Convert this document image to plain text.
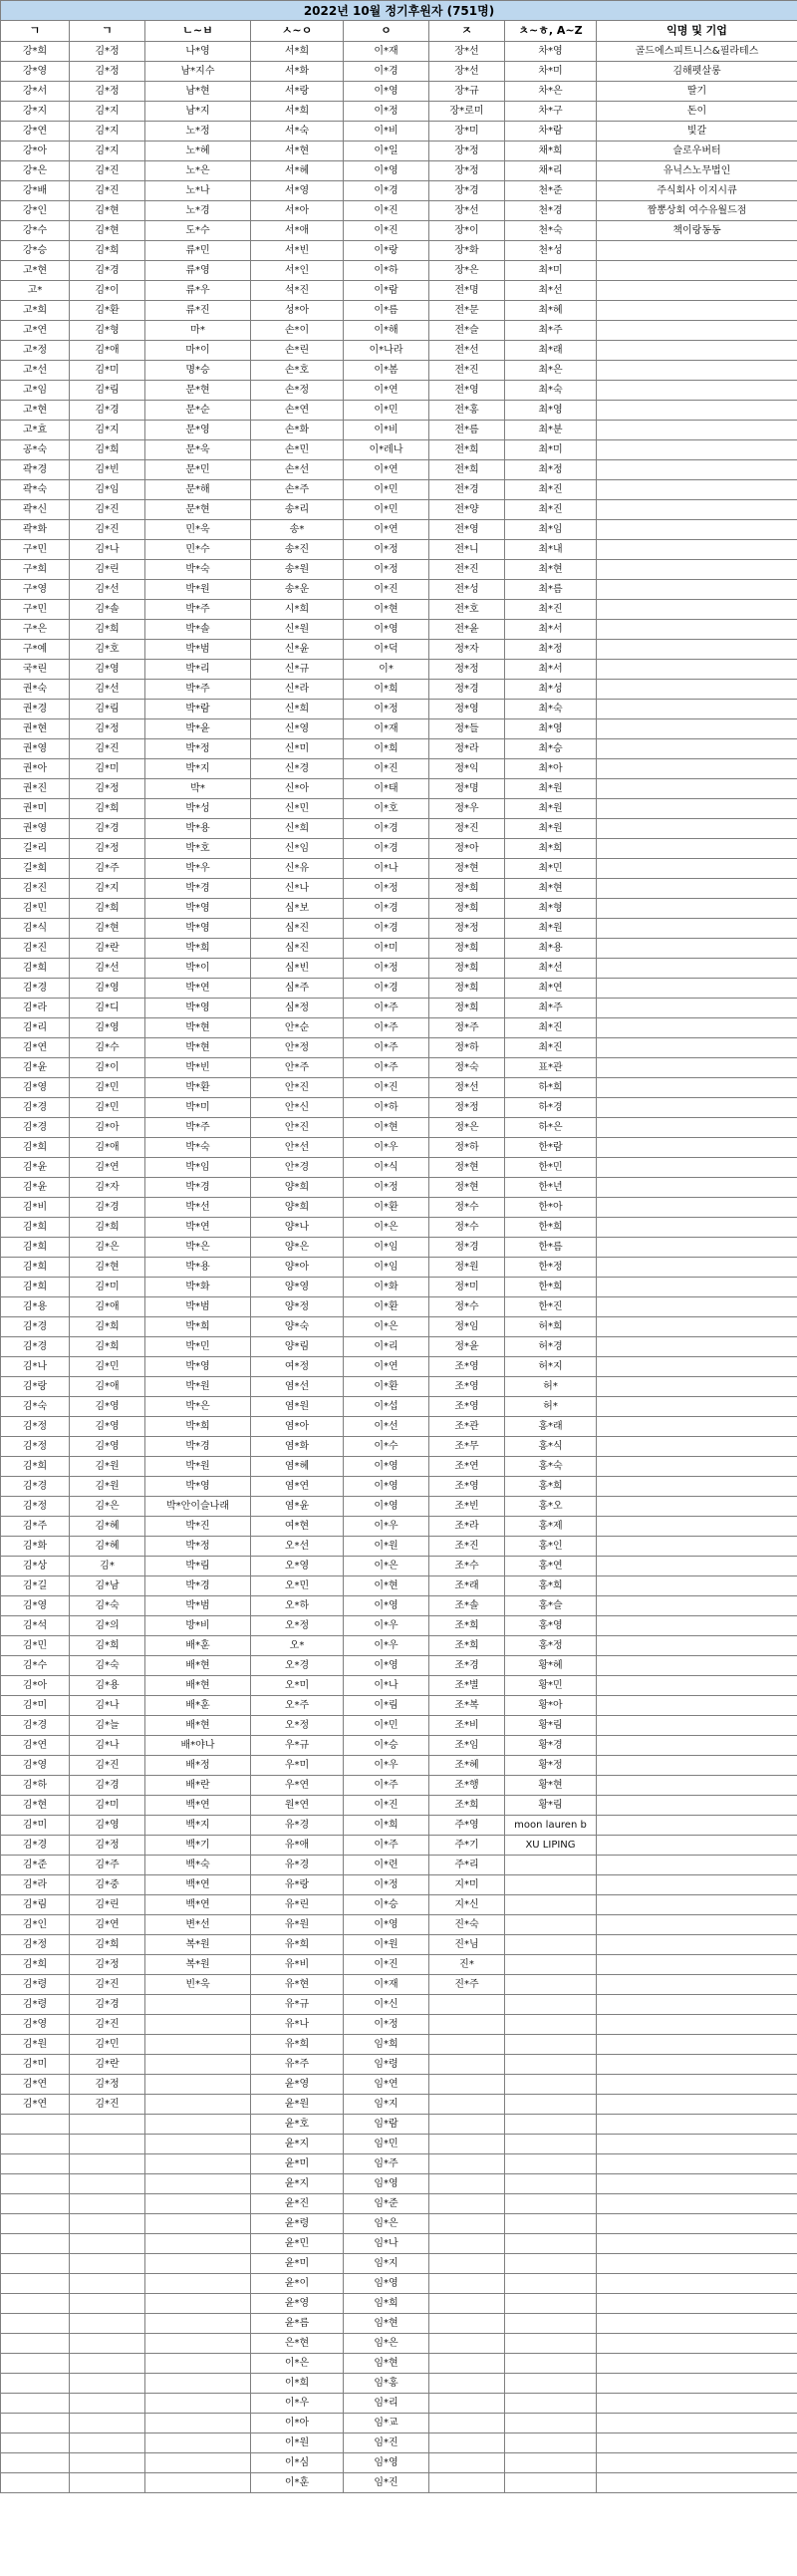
2022년 10월 정기후원자 (751명)							
ㄱ	ㄱ	ㄴ~ㅂ	ㅅ~ㅇ	ㅇ	ㅈ	ㅊ~ㅎ, A~Z	익명 및 기업
강*희	김*정	나*영	서*희	이*재	장*선	차*영	골드에스피트니스&필라테스
강*영	김*정	남*지수	서*화	이*경	장*선	차*미	김해펫살롱
강*서	김*정	남*현	서*랑	이*영	장*규	차*은	딸기
강*지	김*지	남*지	서*희	이*정	장*로미	차*구	돈이
강*연	김*지	노*정	서*숙	이*비	장*미	차*람	빛갈
강*아	김*지	노*혜	서*현	이*일	장*정	채*희	슬로우버터
강*은	김*진	노*은	서*혜	이*영	장*정	채*리	유닉스노무법인
강*배	김*진	노*나	서*영	이*경	장*경	천*준	주식회사 이지시큐
강*인	김*현	노*경	서*아	이*진	장*선	천*경	짬뽕상회 여수유월드점
강*수	김*현	도*수	서*애	이*진	장*이	천*숙	책이랑동동
강*승	김*희	류*민	서*빈	이*랑	장*화	천*성	
고*현	김*경	류*영	서*인	이*하	장*은	최*미	
고*	김*이	류*우	석*진	이*람	전*명	최*선	
고*희	김*환	류*진	성*아	이*름	전*문	최*혜	
고*연	김*형	마*	손*이	이*해	전*슬	최*주	
고*정	김*애	마*이	손*린	이*나라	전*선	최*래	
고*선	김*미	명*승	손*호	이*봄	전*진	최*은	
고*임	김*림	문*현	손*정	이*연	전*영	최*숙	
고*현	김*경	문*순	손*연	이*민	전*홍	최*영	
고*효	김*지	문*영	손*화	이*비	전*름	최*분	
공*숙	김*희	문*욱	손*민	이*레나	전*희	최*미	
곽*경	김*빈	문*민	손*선	이*연	전*희	최*정	
곽*숙	김*임	문*해	손*주	이*민	전*경	최*진	
곽*신	김*진	문*현	송*리	이*민	전*양	최*진	
곽*화	김*진	민*욱	송*	이*연	전*영	최*임	
구*민	김*나	민*수	송*진	이*정	전*니	최*내	
구*희	김*린	박*숙	송*원	이*정	전*진	최*현	
구*영	김*선	박*원	송*운	이*진	전*성	최*름	
구*민	김*솔	박*주	시*희	이*현	전*호	최*진	
구*은	김*희	박*솔	신*원	이*영	전*윤	최*서	
구*예	김*호	박*범	신*윤	이*덕	정*자	최*정	
국*린	김*영	박*리	신*규	이*	정*정	최*서	
권*숙	김*선	박*주	신*라	이*희	정*경	최*성	
권*경	김*림	박*람	신*희	이*정	정*영	최*숙	
권*현	김*정	박*윤	신*영	이*재	정*들	최*영	
권*영	김*진	박*정	신*미	이*희	정*라	최*승	
권*아	김*미	박*지	신*경	이*진	정*익	최*아	
권*진	김*정	박*	신*아	이*태	정*명	최*원	
권*미	김*희	박*성	신*민	이*호	정*우	최*원	
권*영	김*경	박*용	신*희	이*경	정*진	최*원	
길*리	김*정	박*호	신*임	이*경	정*아	최*희	
길*희	김*주	박*우	신*유	이*나	정*현	최*민	
김*진	김*지	박*경	신*나	이*정	정*희	최*현	
김*민	김*희	박*영	심*보	이*경	정*희	최*형	
김*식	김*현	박*영	심*진	이*경	정*정	최*원	
김*진	김*란	박*희	심*진	이*미	정*희	최*용	
김*희	김*선	박*이	심*빈	이*정	정*희	최*선	
김*경	김*영	박*연	심*주	이*경	정*희	최*연	
김*라	김*디	박*영	심*정	이*주	정*희	최*주	
김*리	김*영	박*현	안*순	이*주	정*주	최*진	
김*연	김*수	박*현	안*정	이*주	정*하	최*진	
김*윤	김*이	박*빈	안*주	이*주	정*숙	표*관	
김*영	김*민	박*환	안*진	이*진	정*선	하*희	
김*경	김*민	박*미	안*신	이*하	정*정	하*경	
김*경	김*아	박*주	안*진	이*현	정*은	하*은	
김*희	김*애	박*숙	안*선	이*우	정*하	한*람	
김*윤	김*연	박*임	안*경	이*식	정*현	한*민	
김*윤	김*자	박*경	양*희	이*정	정*현	한*년	
김*비	김*경	박*선	양*희	이*환	정*수	한*아	
김*희	김*희	박*연	양*나	이*은	정*수	한*희	
김*희	김*은	박*은	양*은	이*임	정*경	한*름	
김*희	김*현	박*용	양*아	이*임	정*원	한*정	
김*희	김*미	박*화	양*영	이*화	정*미	한*희	
김*용	김*애	박*범	양*정	이*환	정*수	한*진	
김*경	김*희	박*희	양*숙	이*은	정*임	허*희	
김*경	김*희	박*민	양*림	이*리	정*윤	허*경	
김*나	김*민	박*영	여*정	이*연	조*영	허*지	
김*랑	김*애	박*원	염*선	이*환	조*영	허*	
김*숙	김*영	박*은	염*원	이*섭	조*영	허*	
김*정	김*영	박*희	염*아	이*선	조*관	홍*래	
김*정	김*영	박*경	염*화	이*수	조*무	홍*식	
김*희	김*원	박*원	염*혜	이*영	조*연	홍*숙	
김*경	김*원	박*영	염*연	이*영	조*영	홍*희	
김*정	김*은	박*안이슬나래	염*윤	이*영	조*빈	홍*오	
김*주	김*혜	박*진	여*현	이*우	조*라	홍*제	
김*화	김*혜	박*정	오*선	이*원	조*진	홍*인	
김*상	김*	박*림	오*영	이*은	조*수	홍*연	
김*길	김*남	박*경	오*민	이*현	조*래	홍*희	
김*영	김*숙	박*범	오*하	이*영	조*솔	홍*슬	
김*석	김*의	방*비	오*정	이*우	조*희	홍*영	
김*민	김*희	배*훈	오*	이*우	조*희	홍*정	
김*수	김*숙	배*현	오*경	이*영	조*경	황*혜	
김*아	김*용	배*현	오*미	이*나	조*별	황*민	
김*미	김*나	배*훈	오*주	이*림	조*복	황*아	
김*경	김*늘	배*현	오*정	이*민	조*비	황*림	
김*연	김*나	배*야나	우*규	이*승	조*임	황*경	
김*영	김*진	배*정	우*미	이*우	조*혜	황*정	
김*하	김*경	배*란	우*연	이*주	조*행	황*현	
김*현	김*미	백*연	원*연	이*진	조*희	황*림	
김*미	김*영	백*지	유*경	이*희	주*영	moon lauren b	
김*경	김*정	백*기	유*애	이*주	주*기	XU LIPING	
김*준	김*주	백*숙	유*경	이*련	주*리		
김*라	김*중	백*연	유*랑	이*정	지*미		
김*림	김*린	백*연	유*린	이*승	지*신		
김*인	김*연	변*선	유*원	이*영	진*숙		
김*정	김*희	복*원	유*희	이*원	진*님		
김*희	김*정	복*원	유*비	이*진	진*		
김*령	김*진	빈*욱	유*현	이*재	진*주		
김*령	김*경		유*규	이*신			
김*영	김*진		유*나	이*정			
김*원	김*민		유*희	임*희			
김*미	김*란		유*주	임*령			
김*연	김*정		윤*영	임*연			
김*연	김*진		윤*원	임*지			
			윤*호	임*람			
			윤*지	임*민			
			윤*미	임*주			
			윤*지	임*영			
			윤*진	임*준			
			윤*령	임*은			
			윤*민	임*나			
			윤*미	임*지			
			윤*이	임*영			
			윤*영	임*희			
			윤*름	임*현			
			은*현	임*은			
			이*은	임*현			
			이*희	임*홍			
			이*우	임*리			
			이*아	임*교			
			이*원	임*진			
			이*심	임*영			
			이*훈	임*진			
